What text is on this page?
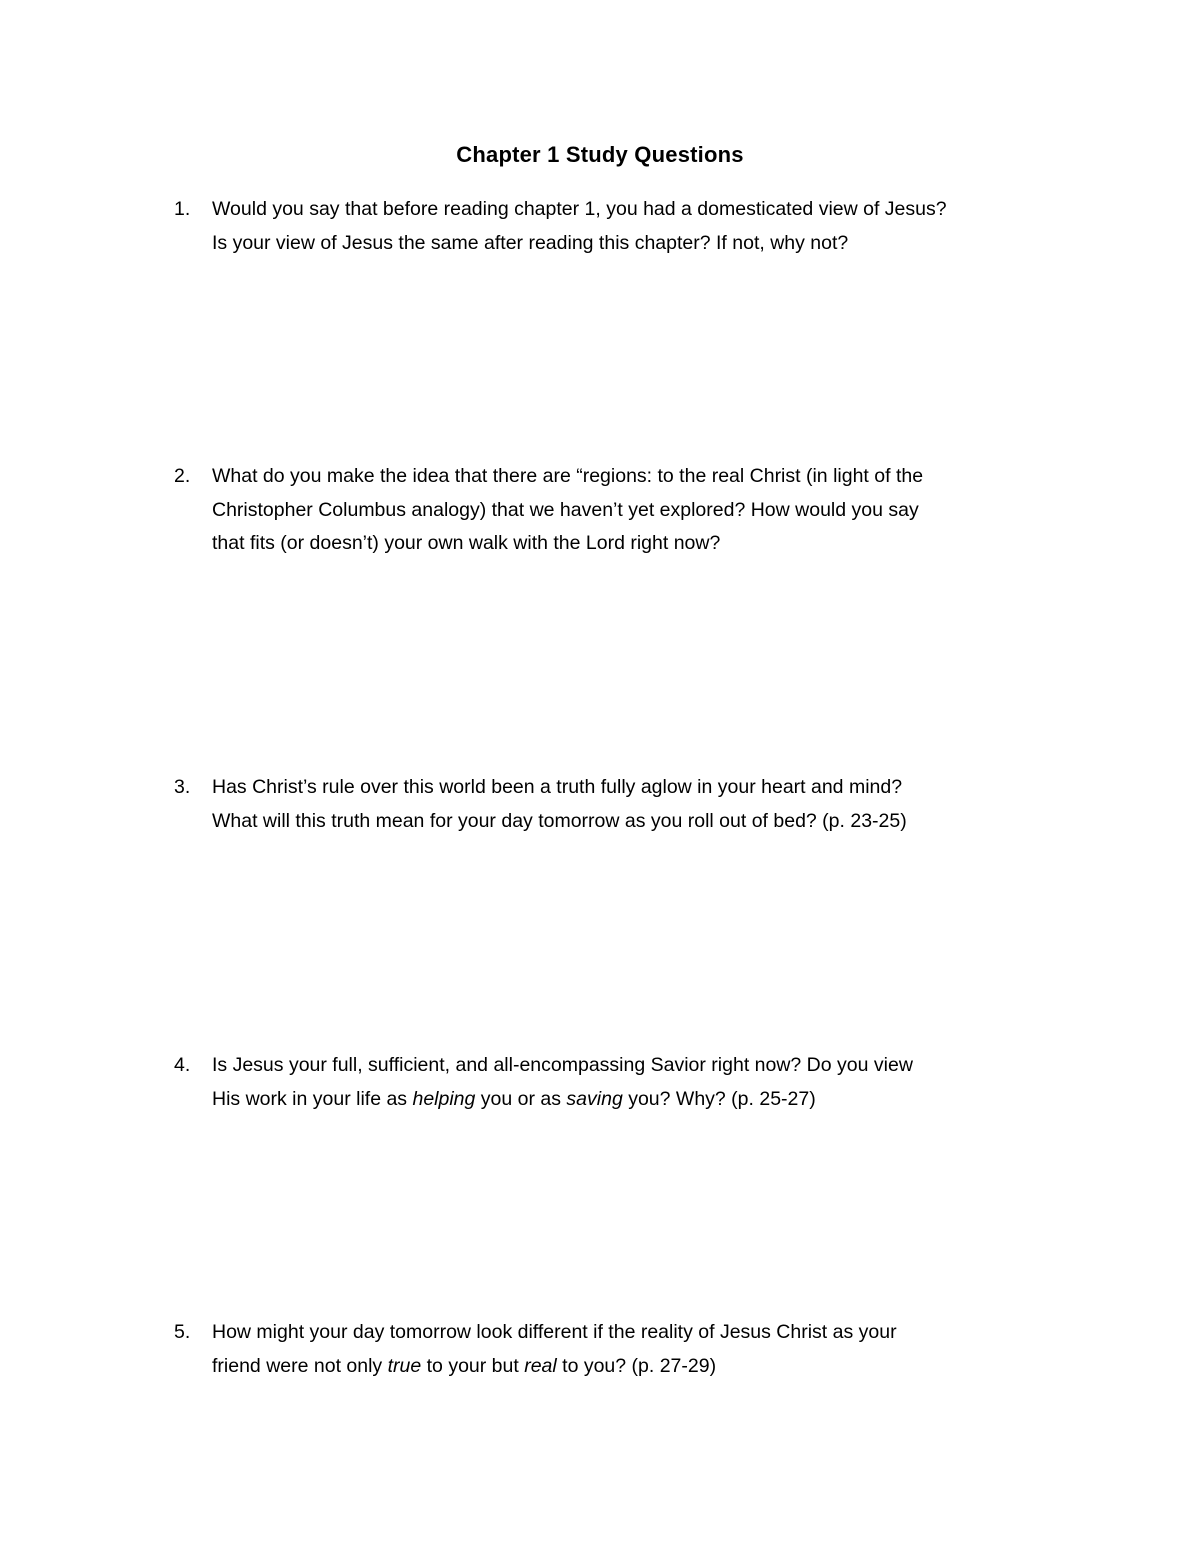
Chapter 1 Study Questions
1. Would you say that before reading chapter 1, you had a domesticated view of Jesus?
Is your view of Jesus the same after reading this chapter? If not, why not?
2. What do you make the idea that there are “regions: to the real Christ (in light of the
Christopher Columbus analogy) that we haven’t yet explored? How would you say
that fits (or doesn’t) your own walk with the Lord right now?
3. Has Christ’s rule over this world been a truth fully aglow in your heart and mind?
What will this truth mean for your day tomorrow as you roll out of bed? (p. 23-25)
4. Is Jesus your full, sufficient, and all-encompassing Savior right now? Do you view
His work in your life as helping you or as saving you? Why? (p. 25-27)
5. How might your day tomorrow look different if the reality of Jesus Christ as your
friend were not only true to your but real to you? (p. 27-29)
